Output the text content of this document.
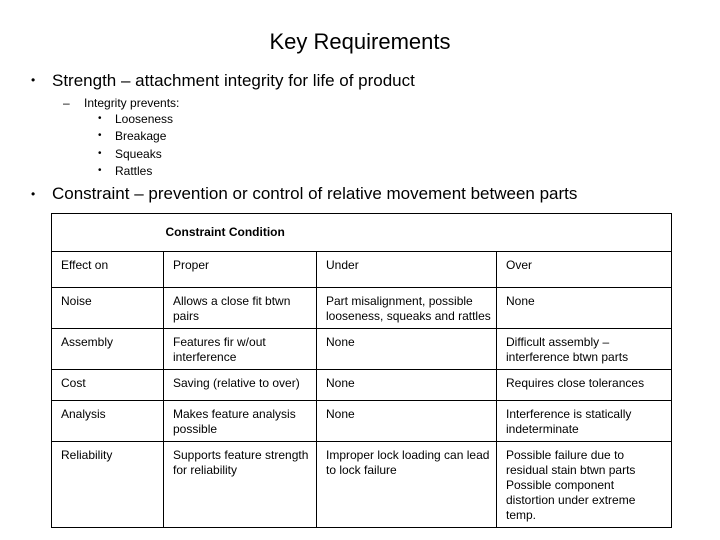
Key Requirements
• Strength – attachment integrity for life of product
– Integrity prevents:
• Looseness
• Breakage
• Squeaks
• Rattles
• Constraint – prevention or control of relative movement between parts
	Constraint Condition		
Effect on	Proper	Under	Over
Noise	Allows a close fit btwn pairs	Part misalignment, possible looseness, squeaks and rattles	None
Assembly	Features fir w/out interference	None	Difficult assembly – interference btwn parts
Cost	Saving (relative to over)	None	Requires close tolerances
Analysis	Makes feature analysis possible	None	Interference is statically indeterminate
Reliability	Supports feature strength for reliability	Improper lock loading can lead to lock failure	Possible failure due to residual stain btwn parts
Possible component distortion under extreme temp.
